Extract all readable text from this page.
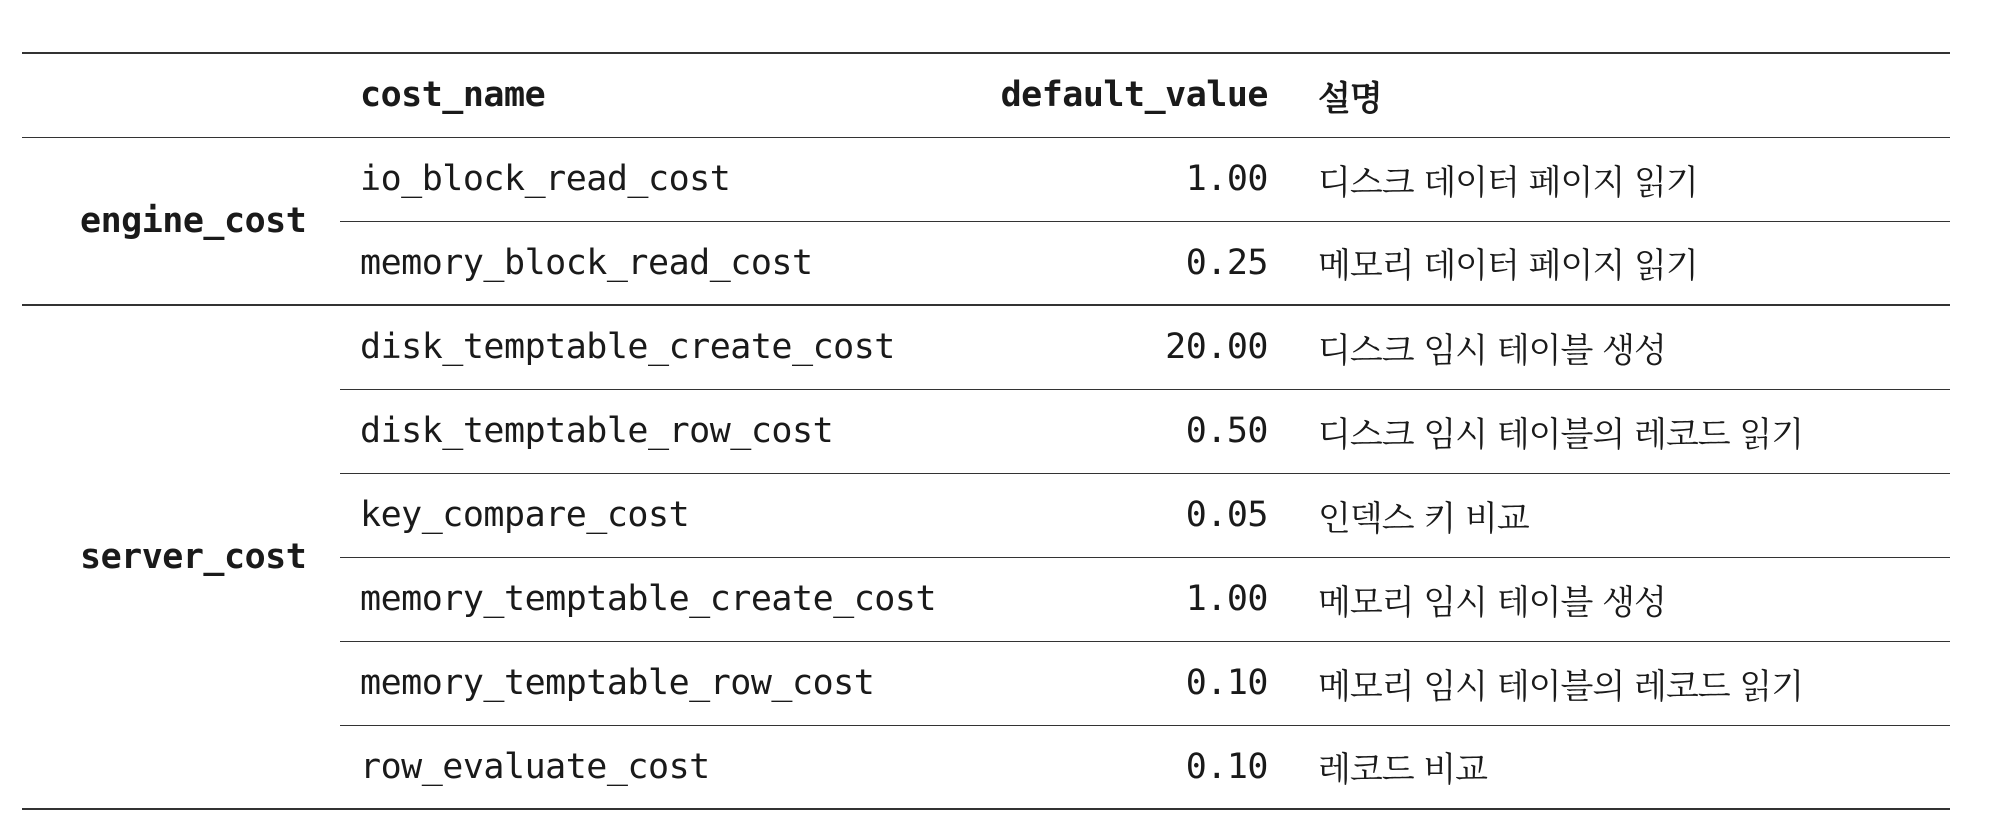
	cost_name	default_value	설명
engine_cost	io_block_read_cost	1.00	디스크 데이터 페이지 읽기
	memory_block_read_cost	0.25	메모리 데이터 페이지 읽기
server_cost	disk_temptable_create_cost	20.00	디스크 임시 테이블 생성
	disk_temptable_row_cost	0.50	디스크 임시 테이블의 레코드 읽기
	key_compare_cost	0.05	인덱스 키 비교
	memory_temptable_create_cost	1.00	메모리 임시 테이블 생성
	memory_temptable_row_cost	0.10	메모리 임시 테이블의 레코드 읽기
	row_evaluate_cost	0.10	레코드 비교
